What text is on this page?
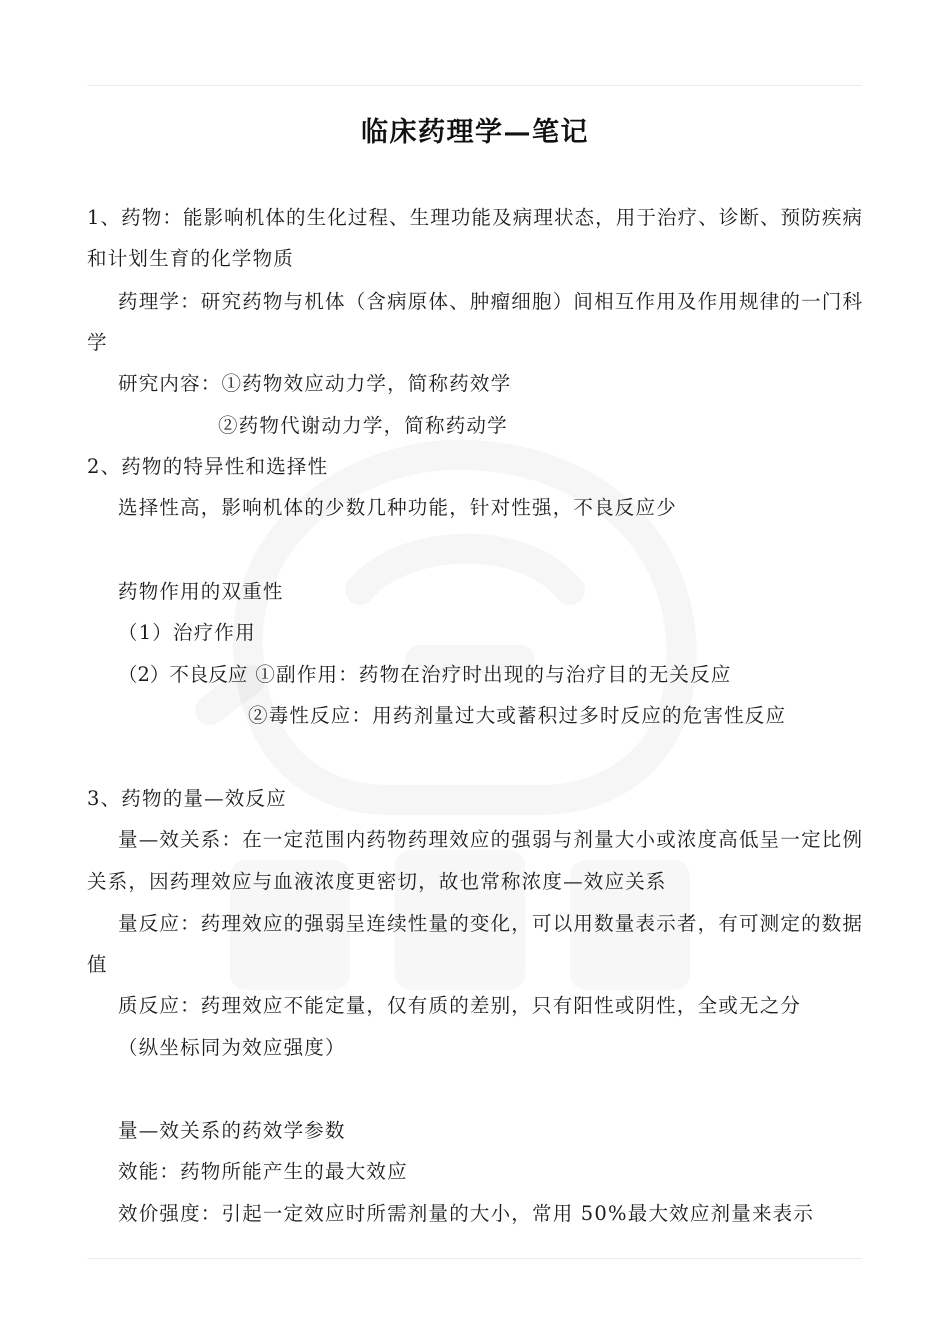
临床药理学—笔记
1、药物：能影响机体的生化过程、生理功能及病理状态，用于治疗、诊断、预防疾病
和计划生育的化学物质
药理学：研究药物与机体（含病原体、肿瘤细胞）间相互作用及作用规律的一门科
学
研究内容：①药物效应动力学，简称药效学
②药物代谢动力学，简称药动学
2、药物的特异性和选择性
选择性高，影响机体的少数几种功能，针对性强，不良反应少
药物作用的双重性
（1）治疗作用
（2）不良反应 ①副作用：药物在治疗时出现的与治疗目的无关反应
②毒性反应：用药剂量过大或蓄积过多时反应的危害性反应
3、药物的量—效反应
量—效关系：在一定范围内药物药理效应的强弱与剂量大小或浓度高低呈一定比例
关系，因药理效应与血液浓度更密切，故也常称浓度—效应关系
量反应：药理效应的强弱呈连续性量的变化，可以用数量表示者，有可测定的数据
值
质反应：药理效应不能定量，仅有质的差别，只有阳性或阴性，全或无之分
（纵坐标同为效应强度）
量—效关系的药效学参数
效能：药物所能产生的最大效应
效价强度：引起一定效应时所需剂量的大小，常用 50%最大效应剂量来表示
